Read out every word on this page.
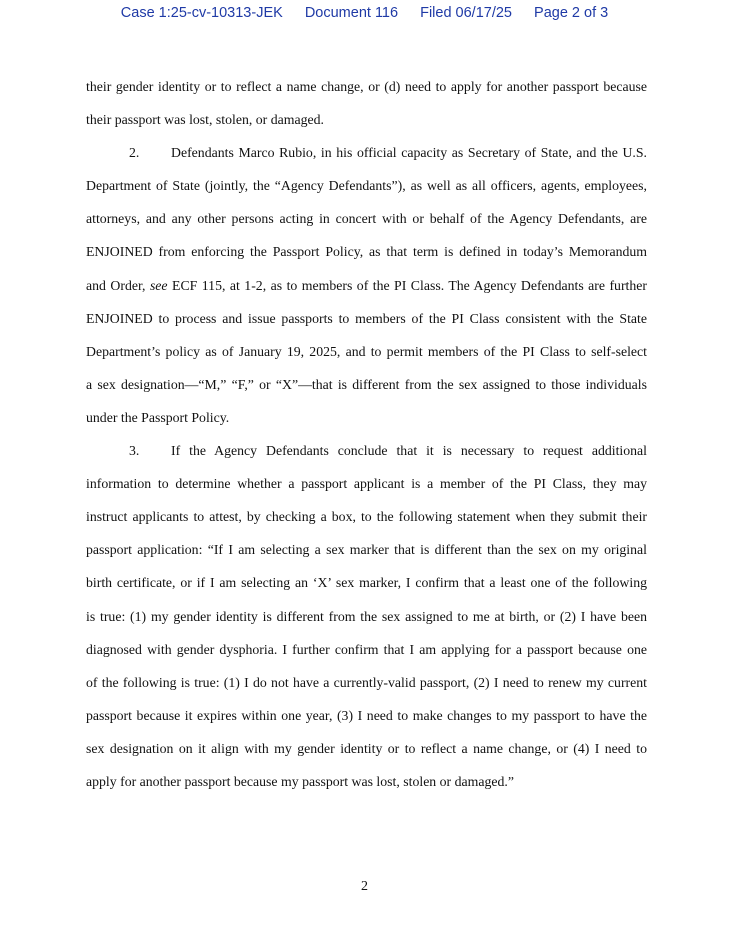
Case 1:25-cv-10313-JEK Document 116 Filed 06/17/25 Page 2 of 3
their gender identity or to reflect a name change, or (d) need to apply for another passport because
their passport was lost, stolen, or damaged.
2. Defendants Marco Rubio, in his official capacity as Secretary of State, and the U.S.
Department of State (jointly, the “Agency Defendants”), as well as all officers, agents, employees,
attorneys, and any other persons acting in concert with or behalf of the Agency Defendants, are
ENJOINED from enforcing the Passport Policy, as that term is defined in today’s Memorandum
and Order, see ECF 115, at 1-2, as to members of the PI Class. The Agency Defendants are further
ENJOINED to process and issue passports to members of the PI Class consistent with the State
Department’s policy as of January 19, 2025, and to permit members of the PI Class to self-select
a sex designation—“M,” “F,” or “X”—that is different from the sex assigned to those individuals
under the Passport Policy.
3. If the Agency Defendants conclude that it is necessary to request additional
information to determine whether a passport applicant is a member of the PI Class, they may
instruct applicants to attest, by checking a box, to the following statement when they submit their
passport application: “If I am selecting a sex marker that is different than the sex on my original
birth certificate, or if I am selecting an ‘X’ sex marker, I confirm that a least one of the following
is true: (1) my gender identity is different from the sex assigned to me at birth, or (2) I have been
diagnosed with gender dysphoria. I further confirm that I am applying for a passport because one
of the following is true: (1) I do not have a currently-valid passport, (2) I need to renew my current
passport because it expires within one year, (3) I need to make changes to my passport to have the
sex designation on it align with my gender identity or to reflect a name change, or (4) I need to
apply for another passport because my passport was lost, stolen or damaged.”
2
